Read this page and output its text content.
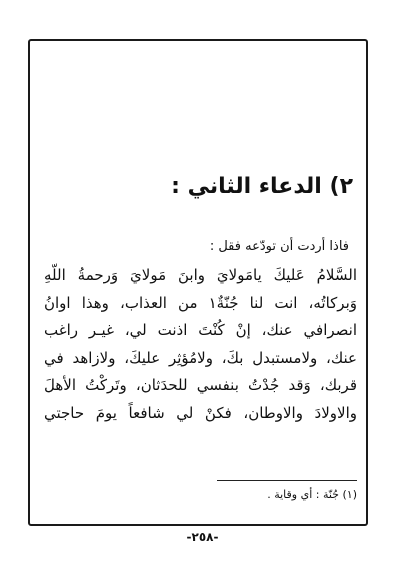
٢) الدعاء الثاني :
فاذا أردت أن تودّعه فقل :
السَّلامُ عَليكَ يامَولايَ وابنَ مَولايَ وَرحمةُ اللّهِ
وَبركاتُه، انت لنا جُنّةٌ١ من العذاب، وهذا اوانُ
انصرافي عنك، إنْ كُنْتَ اذنت لي، غيـر راغب
عنك، ولامستبدل بكَ، ولامُؤثِر عليكَ، ولازاهد في
قربك، وَقد جُدْتُ بنفسي للحدَثان، وتَركْتُ الأهلَ
والاولادَ والاوطان، فكنْ لي شافعاً يومَ حاجتي
(١) جُنّة : أي وقاية .
-٢٥٨-
